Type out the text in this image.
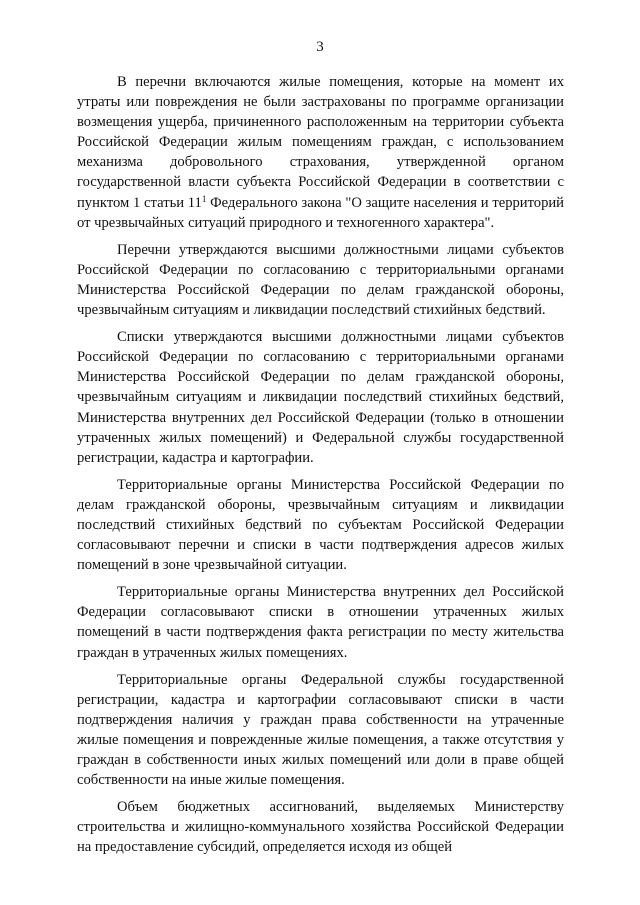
3

В перечни включаются жилые помещения, которые на момент их утраты или повреждения не были застрахованы по программе организации возмещения ущерба, причиненного расположенным на территории субъекта Российской Федерации жилым помещениям граждан, с использованием механизма добровольного страхования, утвержденной органом государственной власти субъекта Российской Федерации в соответствии с пунктом 1 статьи $11^1$ Федерального закона "О защите населения и территорий от чрезвычайных ситуаций природного и техногенного характера".

Перечни утверждаются высшими должностными лицами субъектов Российской Федерации по согласованию с территориальными органами Министерства Российской Федерации по делам гражданской обороны, чрезвычайным ситуациям и ликвидации последствий стихийных бедствий.

Списки утверждаются высшими должностными лицами субъектов Российской Федерации по согласованию с территориальными органами Министерства Российской Федерации по делам гражданской обороны, чрезвычайным ситуациям и ликвидации последствий стихийных бедствий, Министерства внутренних дел Российской Федерации (только в отношении утраченных жилых помещений) и Федеральной службы государственной регистрации, кадастра и картографии.

Территориальные органы Министерства Российской Федерации по делам гражданской обороны, чрезвычайным ситуациям и ликвидации последствий стихийных бедствий по субъектам Российской Федерации согласовывают перечни и списки в части подтверждения адресов жилых помещений в зоне чрезвычайной ситуации.

Территориальные органы Министерства внутренних дел Российской Федерации согласовывают списки в отношении утраченных жилых помещений в части подтверждения факта регистрации по месту жительства граждан в утраченных жилых помещениях.

Территориальные органы Федеральной службы государственной регистрации, кадастра и картографии согласовывают списки в части подтверждения наличия у граждан права собственности на утраченные жилые помещения и поврежденные жилые помещения, а также отсутствия у граждан в собственности иных жилых помещений или доли в праве общей собственности на иные жилые помещения.

Объем бюджетных ассигнований, выделяемых Министерству строительства и жилищно-коммунального хозяйства Российской Федерации на предоставление субсидий, определяется исходя из общей
